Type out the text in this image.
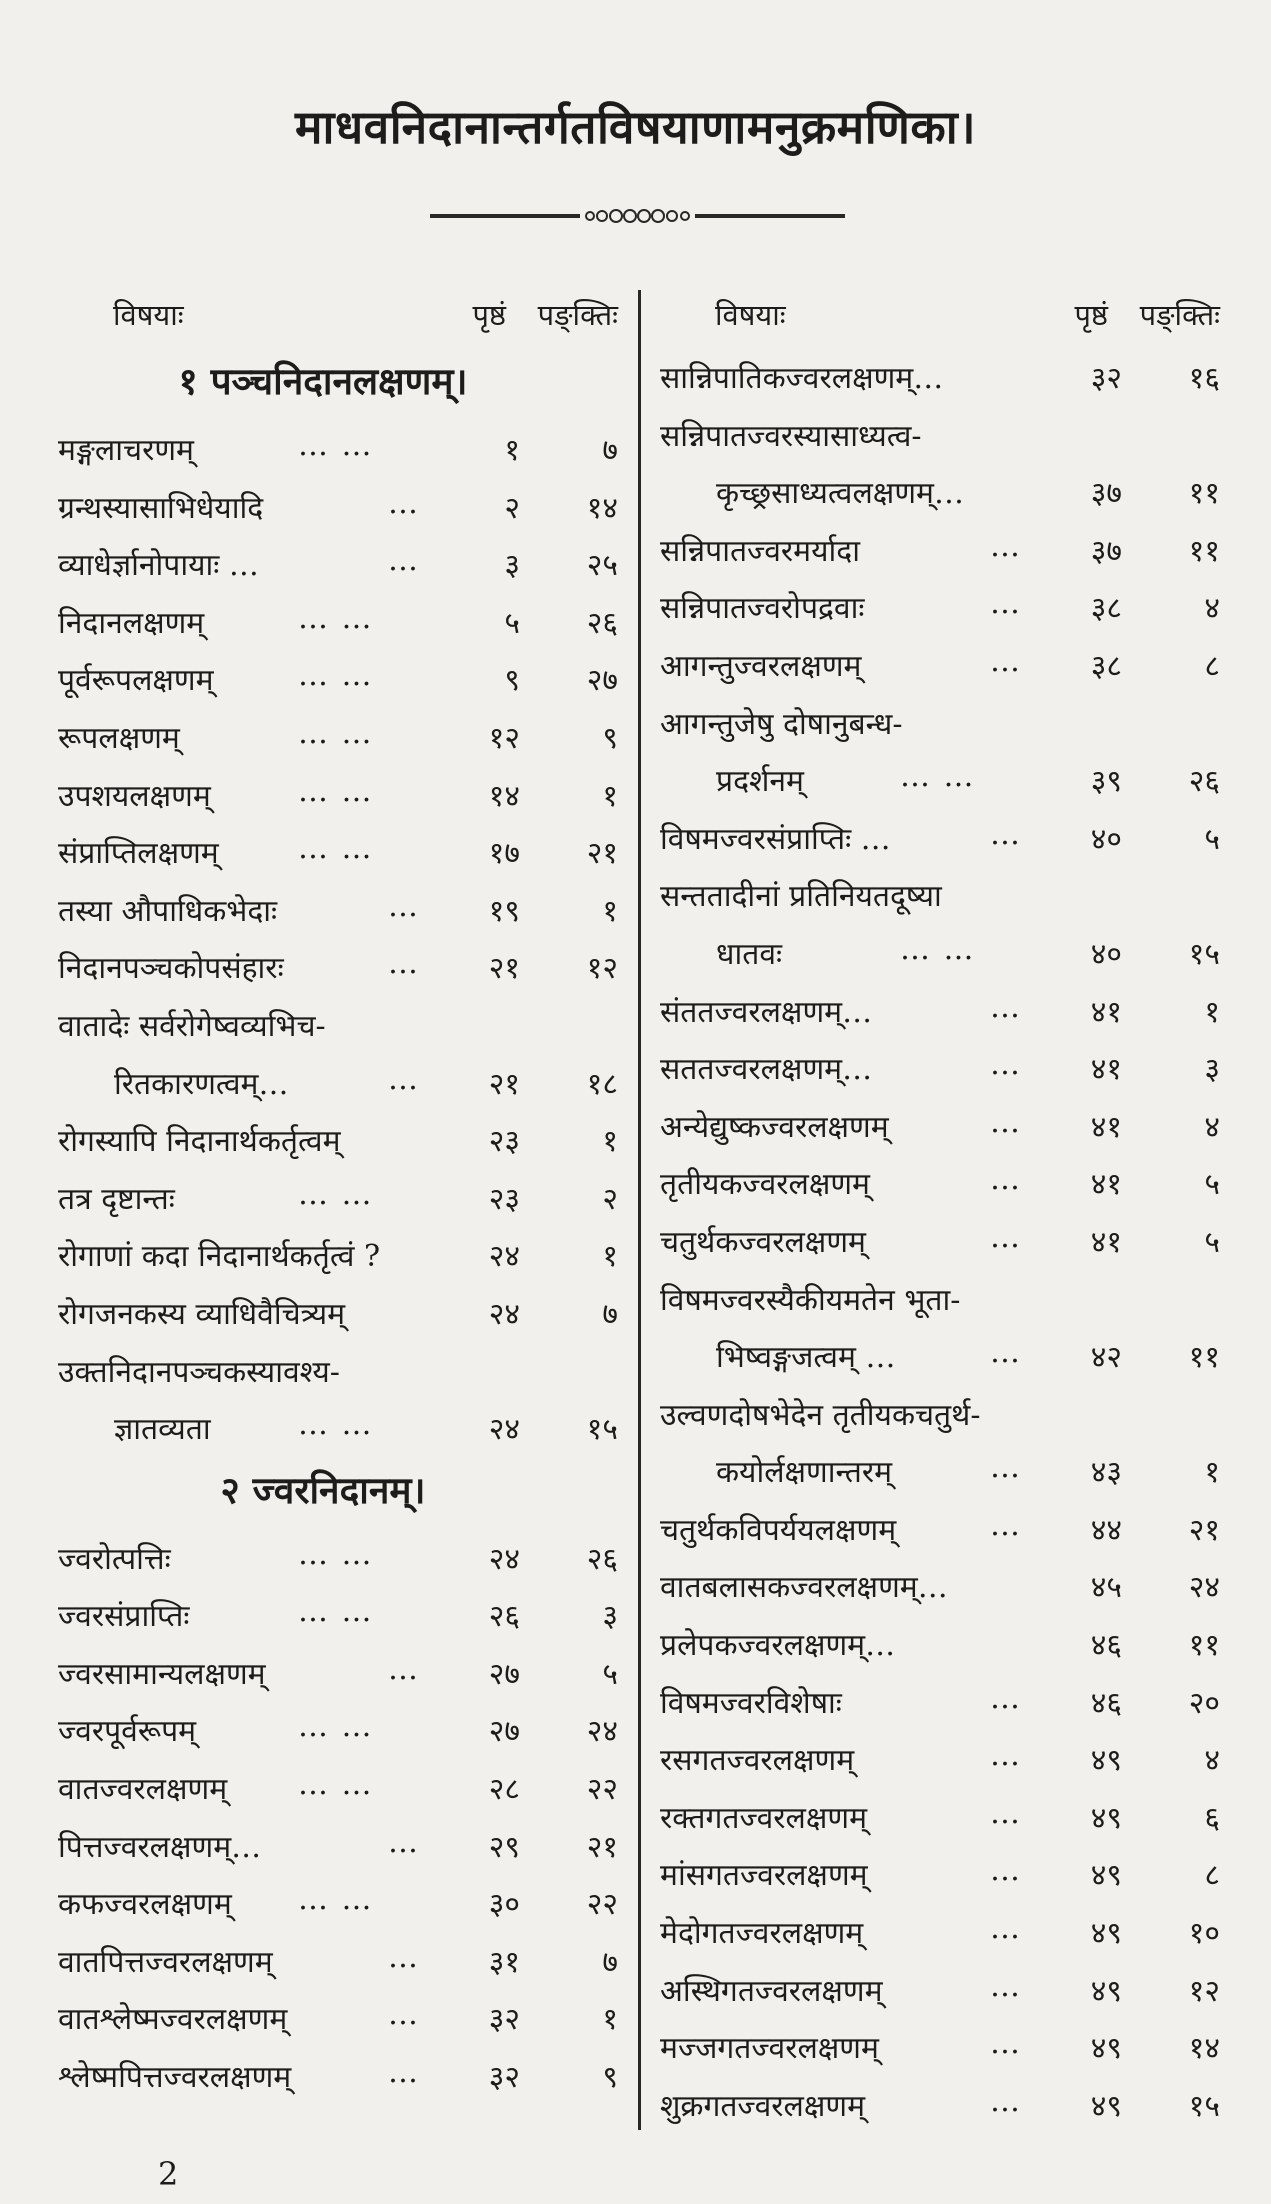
माधवनिदानान्तर्गतविषयाणामनुक्रमणिका।
विषयाः	पृष्ठं पङ्क्तिः
१ पञ्चनिदानलक्षणम्।
मङ्गलाचरणम्	… …	१	७
ग्रन्थस्यासाभिधेयादि	…	२	१४
व्याधेर्ज्ञानोपायाः …	…	३	२५
निदानलक्षणम्	… …	५	२६
पूर्वरूपलक्षणम्	… …	९	२७
रूपलक्षणम्	… …	१२	९
उपशयलक्षणम्	… …	१४	१
संप्राप्तिलक्षणम्	… …	१७	२१
तस्या औपाधिकभेदाः	…	१९	१
निदानपञ्चकोपसंहारः	…	२१	१२
वातादेः सर्वरोगेष्वव्यभिच-
रितकारणत्वम्…	…	२१	१८
रोगस्यापि निदानार्थकर्तृत्वम्	२३	१
तत्र दृष्टान्तः	… …	२३	२
रोगाणां कदा निदानार्थकर्तृत्वं ?	२४	१
रोगजनकस्य व्याधिवैचित्र्यम्	२४	७
उक्तनिदानपञ्चकस्यावश्य-
ज्ञातव्यता	… …	२४	१५
२ ज्वरनिदानम्।
ज्वरोत्पत्तिः	… …	२४	२६
ज्वरसंप्राप्तिः	… …	२६	३
ज्वरसामान्यलक्षणम्	…	२७	५
ज्वरपूर्वरूपम्	… …	२७	२४
वातज्वरलक्षणम् … …	२८	२२
पित्तज्वरलक्षणम्…	…	२९	२१
कफज्वरलक्षणम् … …	३०	२२
वातपित्तज्वरलक्षणम्	…	३१	७
वातश्लेष्मज्वरलक्षणम्	…	३२	१
श्लेष्मपित्तज्वरलक्षणम्	…	३२	९
विषयाः	पृष्ठं पङ्क्तिः
सान्निपातिकज्वरलक्षणम्…	३२	१६
सन्निपातज्वरस्यासाध्यत्व-
कृच्छ्रसाध्यत्वलक्षणम्…	३७	११
सन्निपातज्वरमर्यादा	…	३७	११
सन्निपातज्वरोपद्रवाः	…	३८	४
आगन्तुज्वरलक्षणम्	…	३८	८
आगन्तुजेषु दोषानुबन्ध-
प्रदर्शनम्	… …	३९	२६
विषमज्वरसंप्राप्तिः …	…	४०	५
सन्ततादीनां प्रतिनियतदूष्या
धातवः	… …	४०	१५
संततज्वरलक्षणम्…	…	४१	१
सततज्वरलक्षणम्…	…	४१	३
अन्येद्युष्कज्वरलक्षणम्	…	४१	४
तृतीयकज्वरलक्षणम्	…	४१	५
चतुर्थकज्वरलक्षणम्	…	४१	५
विषमज्वरस्यैकीयमतेन भूता-
भिष्वङ्गजत्वम् …	…	४२	११
उल्वणदोषभेदेन तृतीयकचतुर्थ-
कयोर्लक्षणान्तरम्	…	४३	१
चतुर्थकविपर्ययलक्षणम्	…	४४	२१
वातबलासकज्वरलक्षणम्…	४५	२४
प्रलेपकज्वरलक्षणम्…	४६	११
विषमज्वरविशेषाः	…	४६	२०
रसगतज्वरलक्षणम्	…	४९	४
रक्तगतज्वरलक्षणम्	…	४९	६
मांसगतज्वरलक्षणम्	…	४९	८
मेदोगतज्वरलक्षणम्	…	४९	१०
अस्थिगतज्वरलक्षणम्	…	४९	१२
मज्जगतज्वरलक्षणम्	…	४९	१४
शुक्रगतज्वरलक्षणम्	…	४९	१५
2
